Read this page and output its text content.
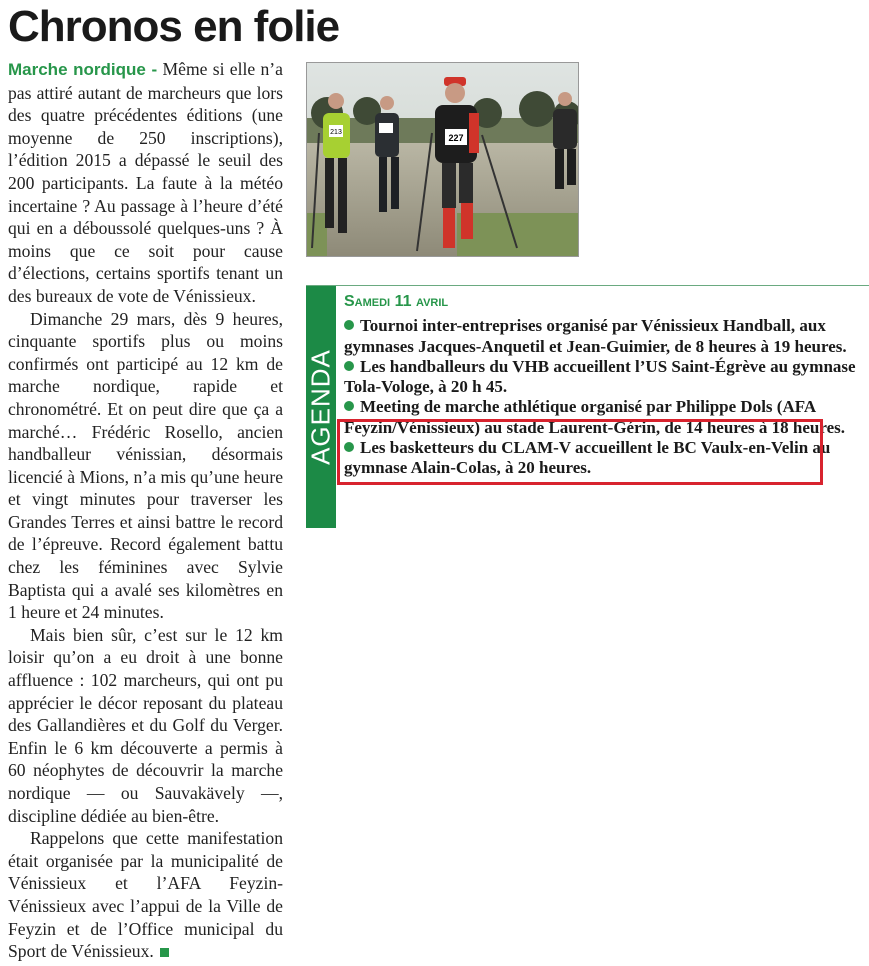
Chronos en folie

Marche nordique - Même si elle n’a pas attiré autant de marcheurs que lors des quatre précédentes éditions (une moyenne de 250 inscriptions), l’édition 2015 a dépassé le seuil des 200 participants. La faute à la météo incertaine ? Au passage à l’heure d’été qui en a déboussolé quelques-uns ? À moins que ce soit pour cause d’élections, certains sportifs tenant un des bureaux de vote de Vénissieux.

Dimanche 29 mars, dès 9 heures, cinquante sportifs plus ou moins confirmés ont participé au 12 km de marche nordique, rapide et chronométré. Et on peut dire que ça a marché… Frédéric Rosello, ancien handballeur vénissian, désormais licencié à Mions, n’a mis qu’une heure et vingt minutes pour traverser les Grandes Terres et ainsi battre le record de l’épreuve. Record également battu chez les féminines avec Sylvie Baptista qui a avalé ses kilomètres en 1 heure et 24 minutes.

Mais bien sûr, c’est sur le 12 km loisir qu’on a eu droit à une bonne affluence : 102 marcheurs, qui ont pu apprécier le décor reposant du plateau des Gallandières et du Golf du Verger. Enfin le 6 km découverte a permis à 60 néophytes de découvrir la marche nordique — ou Sauvakävely —, discipline dédiée au bien-être.

Rappelons que cette manifestation était organisée par la municipalité de Vénissieux et l’AFA Feyzin-Vénissieux avec l’appui de la Ville de Feyzin et de l’Office municipal du Sport de Vénissieux.

213
227
AGENDA
Samedi 11 avril

Tournoi inter-entreprises organisé par Vénissieux Handball, aux gymnases Jacques-Anquetil et Jean-Guimier, de 8 heures à 19 heures.

Les handballeurs du VHB accueillent l’US Saint-Égrève au gymnase Tola-Vologe, à 20 h 45.

Meeting de marche athlétique organisé par Philippe Dols (AFA Feyzin/Vénissieux) au stade Laurent-Gérin, de 14 heures à 18 heures.

Les basketteurs du CLAM-V accueillent le BC Vaulx-en-Velin au gymnase Alain-Colas, à 20 heures.
